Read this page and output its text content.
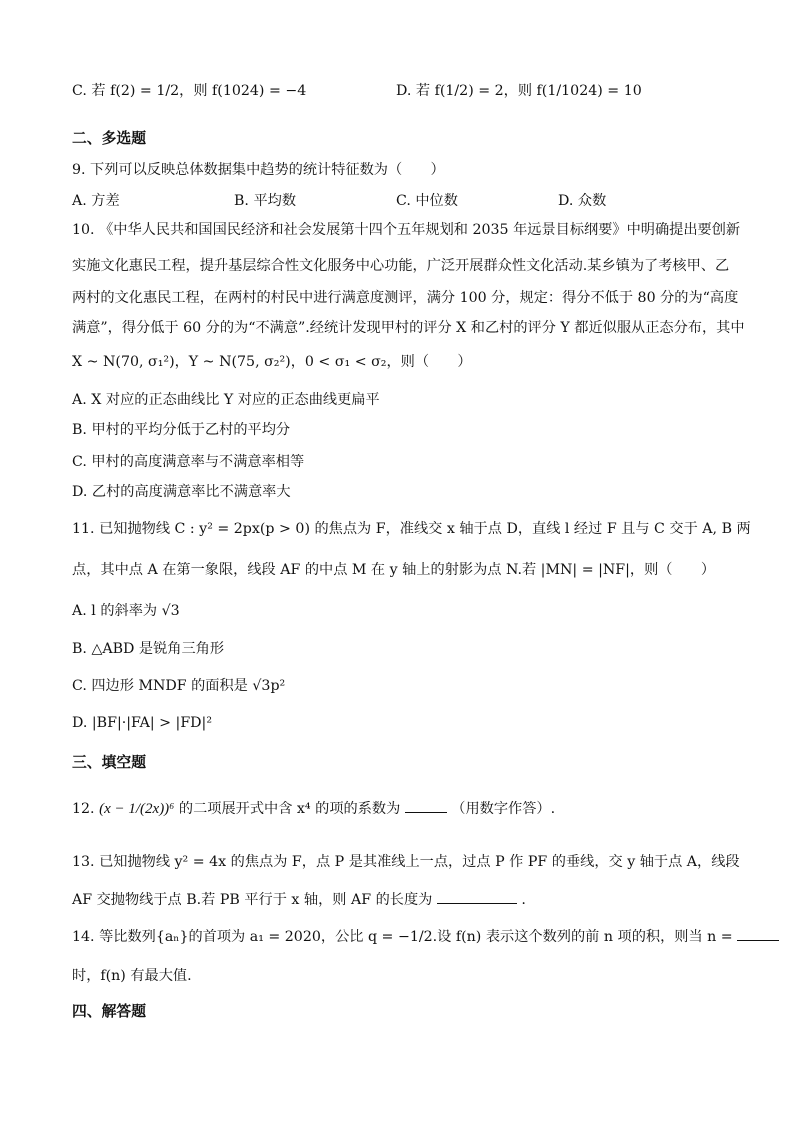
C. 若 f(2) = 1/2，则 f(1024) = −4	D. 若 f(1/2) = 2，则 f(1/1024) = 10
二、多选题
9. 下列可以反映总体数据集中趋势的统计特征数为（　　）
A. 方差	B. 平均数	C. 中位数	D. 众数
10. 《中华人民共和国国民经济和社会发展第十四个五年规划和 2035 年远景目标纲要》中明确提出要创新
实施文化惠民工程，提升基层综合性文化服务中心功能，广泛开展群众性文化活动.某乡镇为了考核甲、乙
两村的文化惠民工程，在两村的村民中进行满意度测评，满分 100 分，规定：得分不低于 80 分的为“高度
满意”，得分低于 60 分的为“不满意”.经统计发现甲村的评分 X 和乙村的评分 Y 都近似服从正态分布，其中
X ~ N(70, σ₁²)，Y ~ N(75, σ₂²)，0 < σ₁ < σ₂，则（　　）
A. X 对应的正态曲线比 Y 对应的正态曲线更扁平
B. 甲村的平均分低于乙村的平均分
C. 甲村的高度满意率与不满意率相等
D. 乙村的高度满意率比不满意率大
11. 已知抛物线 C : y² = 2px(p > 0) 的焦点为 F，准线交 x 轴于点 D，直线 l 经过 F 且与 C 交于 A, B 两
点，其中点 A 在第一象限，线段 AF 的中点 M 在 y 轴上的射影为点 N.若 |MN| = |NF|，则（　　）
A. l 的斜率为 √3
B. △ABD 是锐角三角形
C. 四边形 MNDF 的面积是 √3p²
D. |BF|·|FA| > |FD|²
三、填空题
12. (x − 1/(2x))⁶ 的二项展开式中含 x⁴ 的项的系数为	（用数字作答）.
13. 已知抛物线 y² = 4x 的焦点为 F，点 P 是其准线上一点，过点 P 作 PF 的垂线，交 y 轴于点 A，线段
AF 交抛物线于点 B.若 PB 平行于 x 轴，则 AF 的长度为	.
14. 等比数列{aₙ}的首项为 a₁ = 2020，公比 q = −1/2.设 f(n) 表示这个数列的前 n 项的积，则当 n =
时，f(n) 有最大值.
四、解答题
